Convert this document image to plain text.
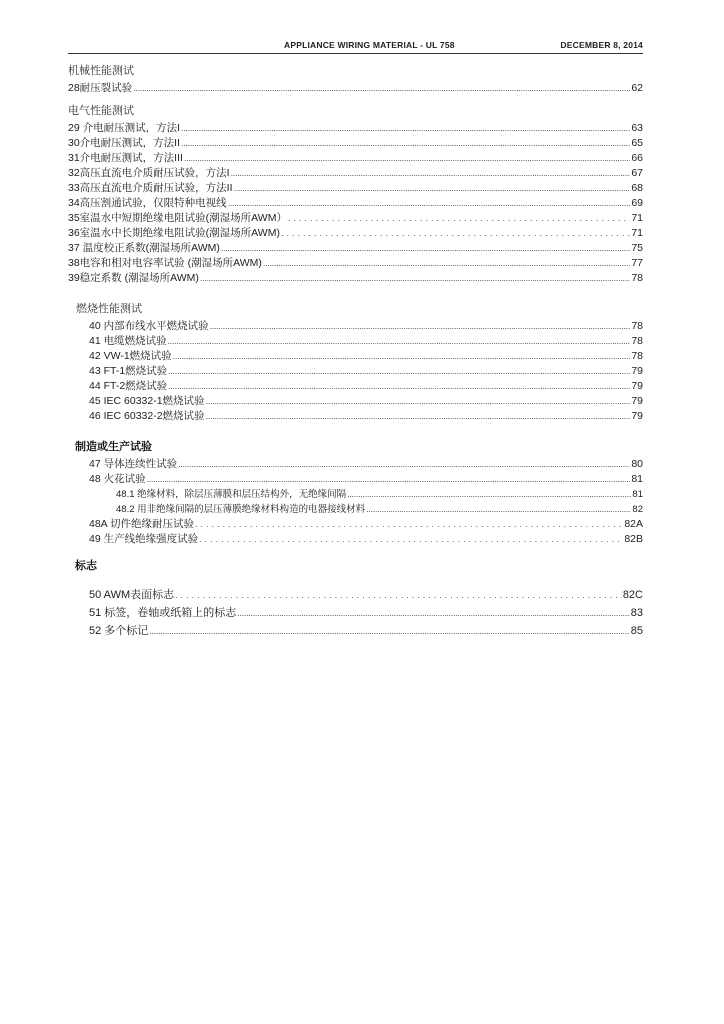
APPLIANCE WIRING MATERIAL - UL 758	DECEMBER 8, 2014
机械性能测试
28耐压裂试验 .....	62
电气性能测试
29 介电耐压测试，方法I .....	63
30介电耐压测试，方法II .....	65
31介电耐压测试，方法III .....	66
32高压直流电介质耐压试验，方法I .....	67
33高压直流电介质耐压试验，方法II .....	68
34高压割通试验，仅限特种电视线 .....	69
35室温水中短期绝缘电阻试验(潮湿场所AWM） .....	71
36室温水中长期绝缘电阻试验(潮湿场所AWM) .....	71
37 温度校正系数(潮湿场所AWM) .....	75
38电容和相对电容率试验 (潮湿场所AWM) .....	77
39稳定系数 (潮湿场所AWM) .....	78
燃烧性能测试
40 内部布线水平燃烧试验 .....	78
41 电缆燃烧试验 .....	78
42 VW-1燃烧试验 .....	78
43 FT-1燃烧试验 .....	79
44 FT-2燃烧试验 .....	79
45 IEC 60332-1燃烧试验 .....	79
46 IEC 60332-2燃烧试验 .....	79
制造或生产试验
47 导体连续性试验 .....	80
48 火花试验 .....	81
48.1 绝缘材料，除层压薄膜和层压结构外，无绝缘间隔 .....	81
48.2 用非绝缘间隔的层压薄膜绝缘材料构造的电器接线材料 .....	82
48A 切件绝缘耐压试验 .....	82A
49 生产线绝缘强度试验 .....	82B
标志
50 AWM表面标志 .....	82C
51 标签，卷轴或纸箱上的标志 .....	83
52 多个标记 .....	85
